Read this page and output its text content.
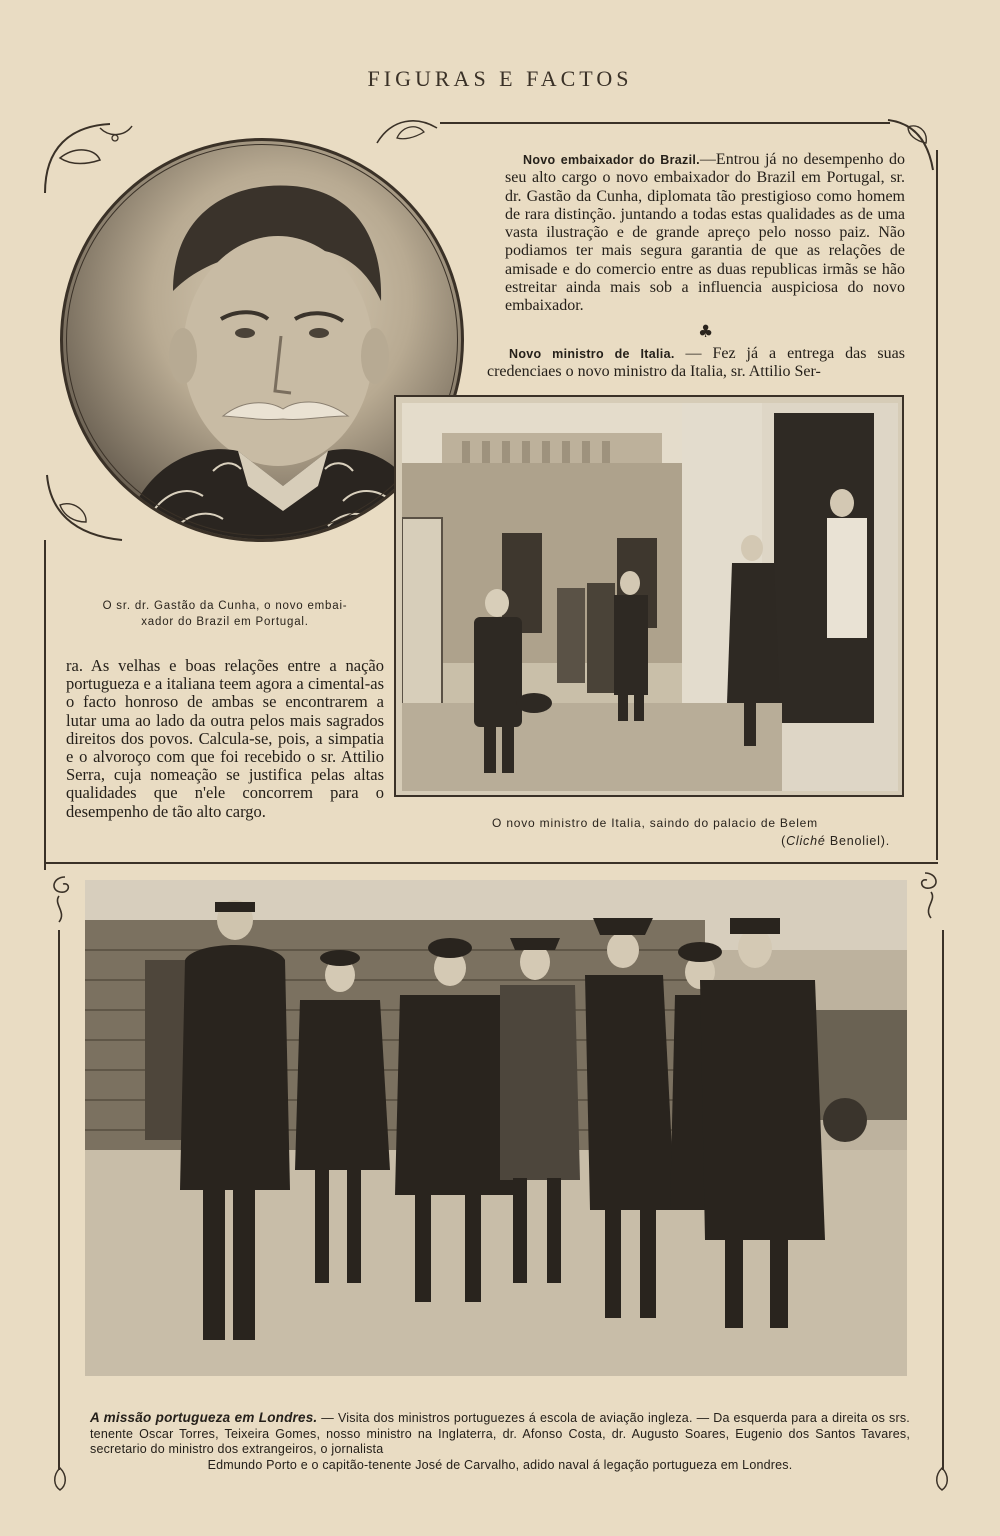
FIGURAS E FACTOS
O sr. dr. Gastão da Cunha, o novo embai-
xador do Brazil em Portugal.
Novo embaixador do Brazil.—Entrou já no desempenho do seu alto cargo o novo embaixador do Brazil em Portugal, sr. dr. Gastão da Cunha, diplomata tão prestigioso como homem de rara distinção. juntando a todas estas qualidades as de uma vasta ilustração e de grande apreço pelo nosso paiz. Não podiamos ter mais segura garantia de que as relações de amisade e do comercio entre as duas republicas irmãs se hão estreitar ainda mais sob a influencia auspiciosa do novo embaixador.
♣
Novo ministro de Italia. — Fez já a entrega das suas credenciaes o novo ministro da Italia, sr. Attilio Ser-
ra. As velhas e boas relações entre a nação portugueza e a italiana teem agora a cimental-as o facto honroso de ambas se encontrarem a lutar uma ao lado da outra pelos mais sagrados direitos dos povos. Calcula-se, pois, a simpatia e o alvoroço com que foi recebido o sr. Attilio Serra, cuja nomeação se justifica pelas altas qualidades que n'ele concorrem para o desempenho de tão alto cargo.
O novo ministro de Italia, saindo do palacio de Belem
(Cliché Benoliel).
A missão portugueza em Londres. — Visita dos ministros portuguezes á escola de aviação ingleza. — Da esquerda para a direita os srs. tenente Oscar Torres, Teixeira Gomes, nosso ministro na Inglaterra, dr. Afonso Costa, dr. Augusto Soares, Eugenio dos Santos Tavares, secretario do ministro dos extrangeiros, o jornalista
Edmundo Porto e o capitão-tenente José de Carvalho, adido naval á legação portugueza em Londres.
